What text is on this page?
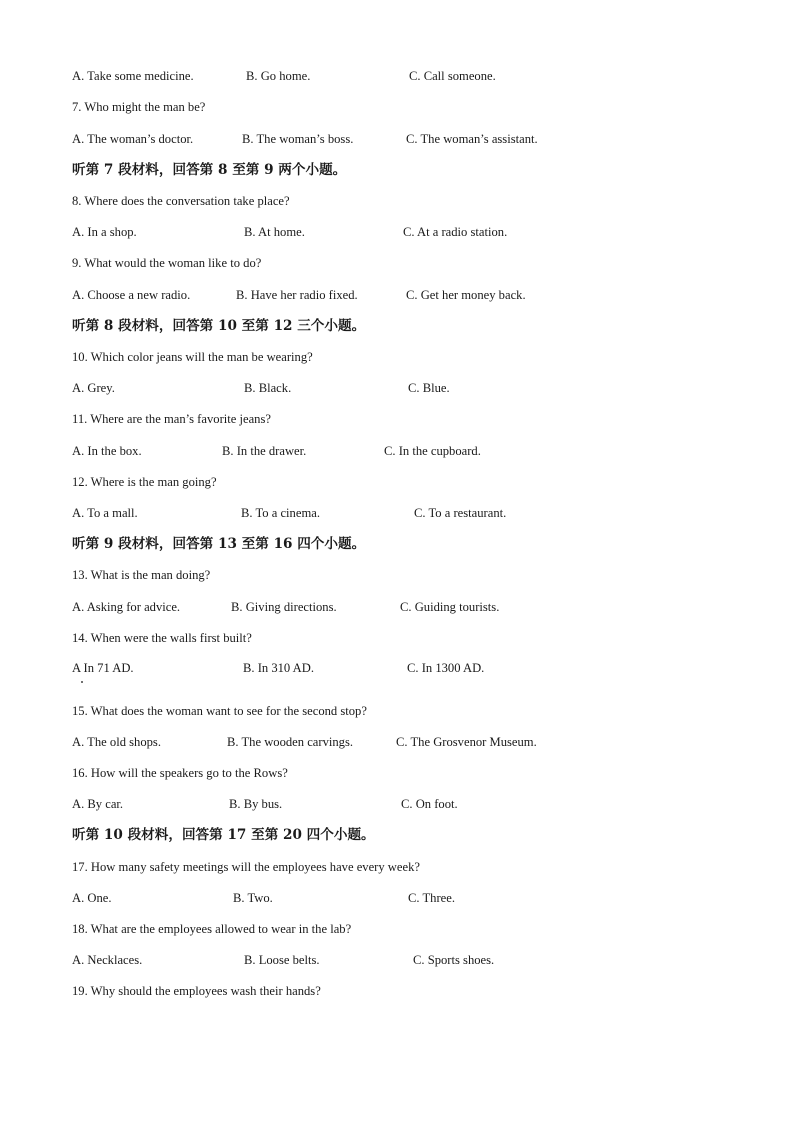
A. Take some medicine.	B. Go home.	C. Call someone.
7. Who might the man be?
A. The woman’s doctor.	B. The woman’s boss.	C. The woman’s assistant.
听第 7 段材料，回答第 8 至第 9 两个小题。
8. Where does the conversation take place?
A. In a shop.	B. At home.	C. At a radio station.
9. What would the woman like to do?
A. Choose a new radio.	B. Have her radio fixed.	C. Get her money back.
听第 8 段材料，回答第 10 至第 12 三个小题。
10. Which color jeans will the man be wearing?
A. Grey.	B. Black.	C. Blue.
11. Where are the man’s favorite jeans?
A. In the box.	B. In the drawer.	C. In the cupboard.
12. Where is the man going?
A. To a mall.	B. To a cinema.	C. To a restaurant.
听第 9 段材料，回答第 13 至第 16 四个小题。
13. What is the man doing?
A. Asking for advice.	B. Giving directions.	C. Guiding tourists.
14. When were the walls first built?
A In 71 AD.	B. In 310 AD.	C. In 1300 AD.
15. What does the woman want to see for the second stop?
A. The old shops.	B. The wooden carvings.	C. The Grosvenor Museum.
16. How will the speakers go to the Rows?
A. By car.	B. By bus.	C. On foot.
听第 10 段材料，回答第 17 至第 20 四个小题。
17. How many safety meetings will the employees have every week?
A. One.	B. Two.	C. Three.
18. What are the employees allowed to wear in the lab?
A. Necklaces.	B. Loose belts.	C. Sports shoes.
19. Why should the employees wash their hands?
